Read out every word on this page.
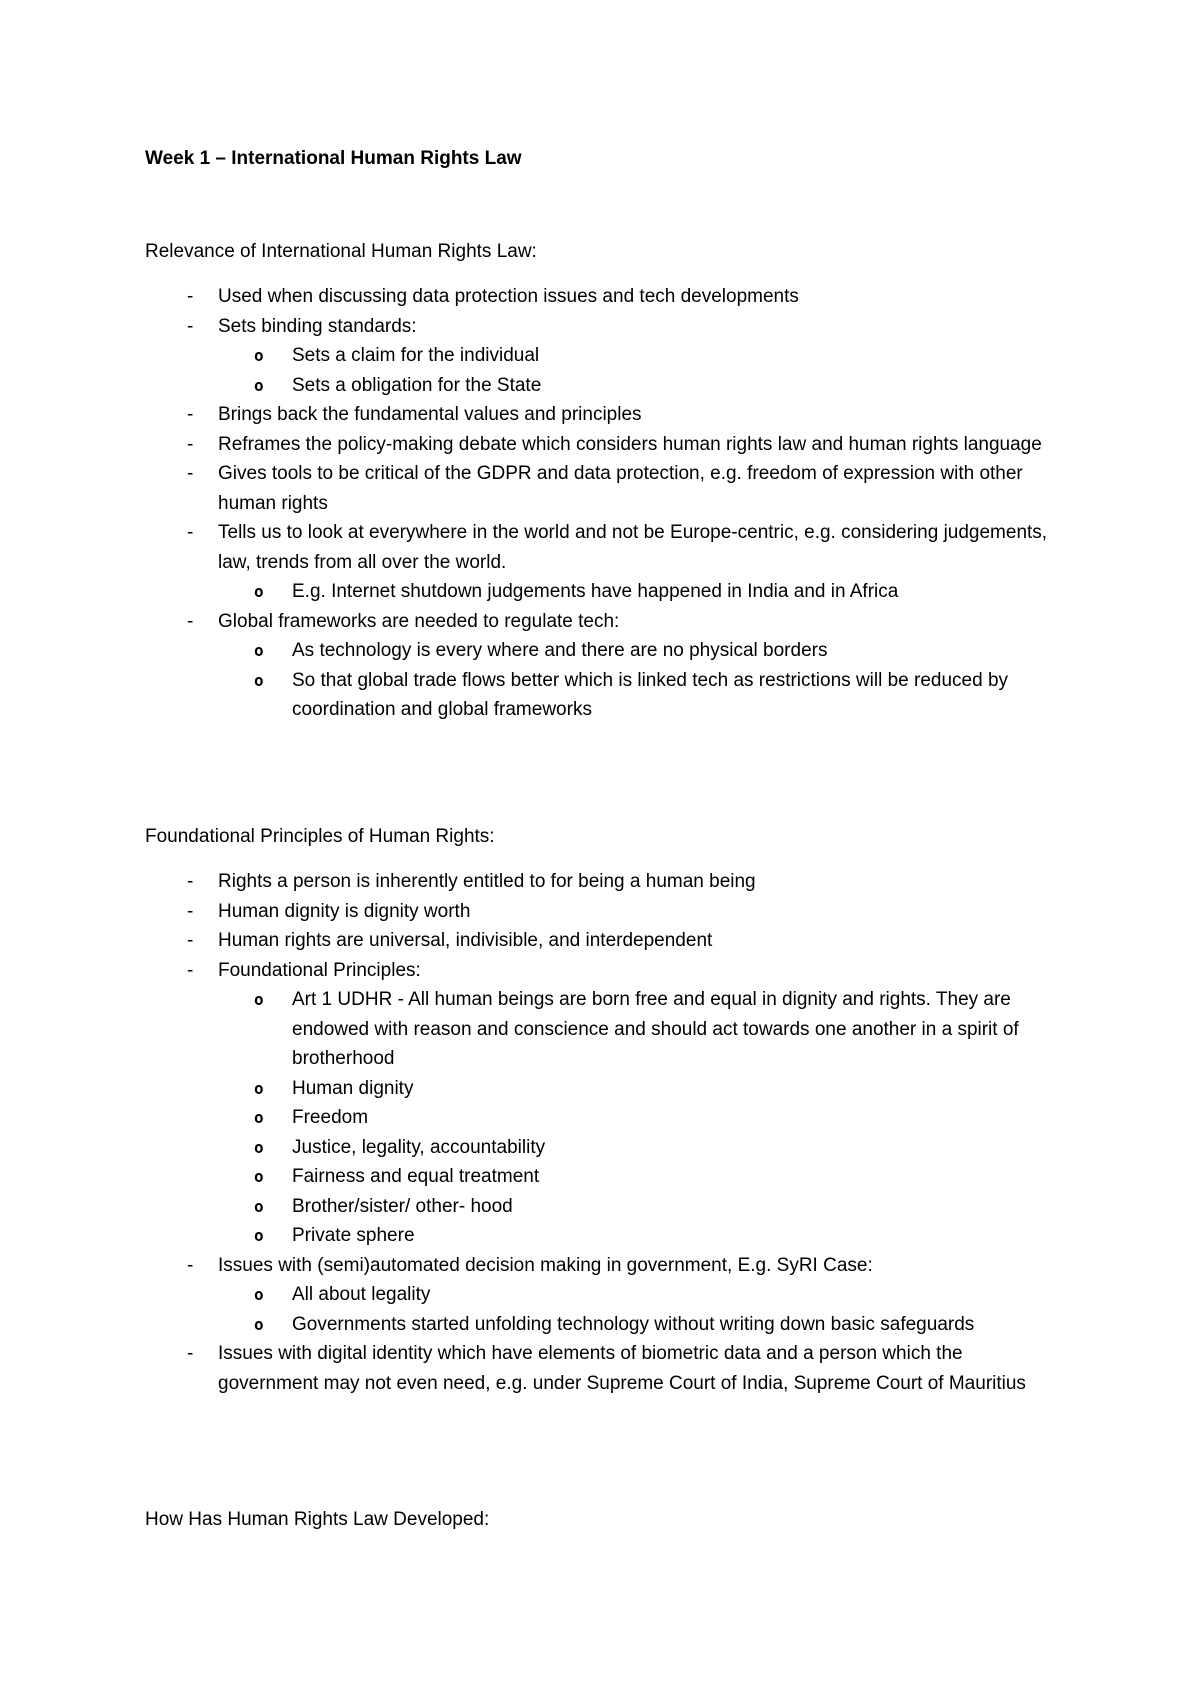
Week 1 – International Human Rights Law
Relevance of International Human Rights Law:
- Used when discussing data protection issues and tech developments
- Sets binding standards:
o Sets a claim for the individual
o Sets a obligation for the State
- Brings back the fundamental values and principles
- Reframes the policy-making debate which considers human rights law and human rights language
- Gives tools to be critical of the GDPR and data protection, e.g. freedom of expression with other human rights
- Tells us to look at everywhere in the world and not be Europe-centric, e.g. considering judgements, law, trends from all over the world.
o E.g. Internet shutdown judgements have happened in India and in Africa
- Global frameworks are needed to regulate tech:
o As technology is every where and there are no physical borders
o So that global trade flows better which is linked tech as restrictions will be reduced by coordination and global frameworks
Foundational Principles of Human Rights:
- Rights a person is inherently entitled to for being a human being
- Human dignity is dignity worth
- Human rights are universal, indivisible, and interdependent
- Foundational Principles:
o Art 1 UDHR - All human beings are born free and equal in dignity and rights. They are endowed with reason and conscience and should act towards one another in a spirit of brotherhood
o Human dignity
o Freedom
o Justice, legality, accountability
o Fairness and equal treatment
o Brother/sister/ other- hood
o Private sphere
- Issues with (semi)automated decision making in government, E.g. SyRI Case:
o All about legality
o Governments started unfolding technology without writing down basic safeguards
- Issues with digital identity which have elements of biometric data and a person which the government may not even need, e.g. under Supreme Court of India, Supreme Court of Mauritius
How Has Human Rights Law Developed:
